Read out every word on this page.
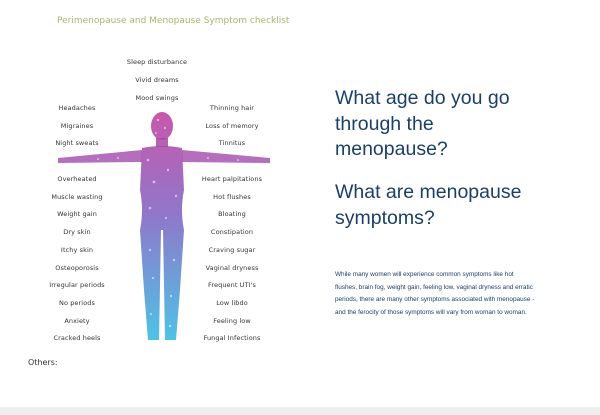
Perimenopause and Menopause Symptom checklist
Sleep disturbance
Vivid dreams
Mood swings
Headaches
Migraines
Night sweats
Overheated
Muscle wasting
Weight gain
Dry skin
Itchy skin
Osteoporosis
Irregular periods
No periods
Anxiety
Cracked heels
Thinning hair
Loss of memory
Tinnitus
Heart palpitations
Hot flushes
Bloating
Constipation
Craving sugar
Vaginal dryness
Frequent UTI's
Low libdo
Feeling low
Fungal Infections
Others:
What age do you go through the menopause?
What are menopause symptoms?
While many women will experience common symptoms like hot flushes, brain fog, weight gain, feeling low, vaginal dryness and erratic periods, there are many other symptoms associated with menopause - and the ferocity of those symptoms will vary from woman to woman.
